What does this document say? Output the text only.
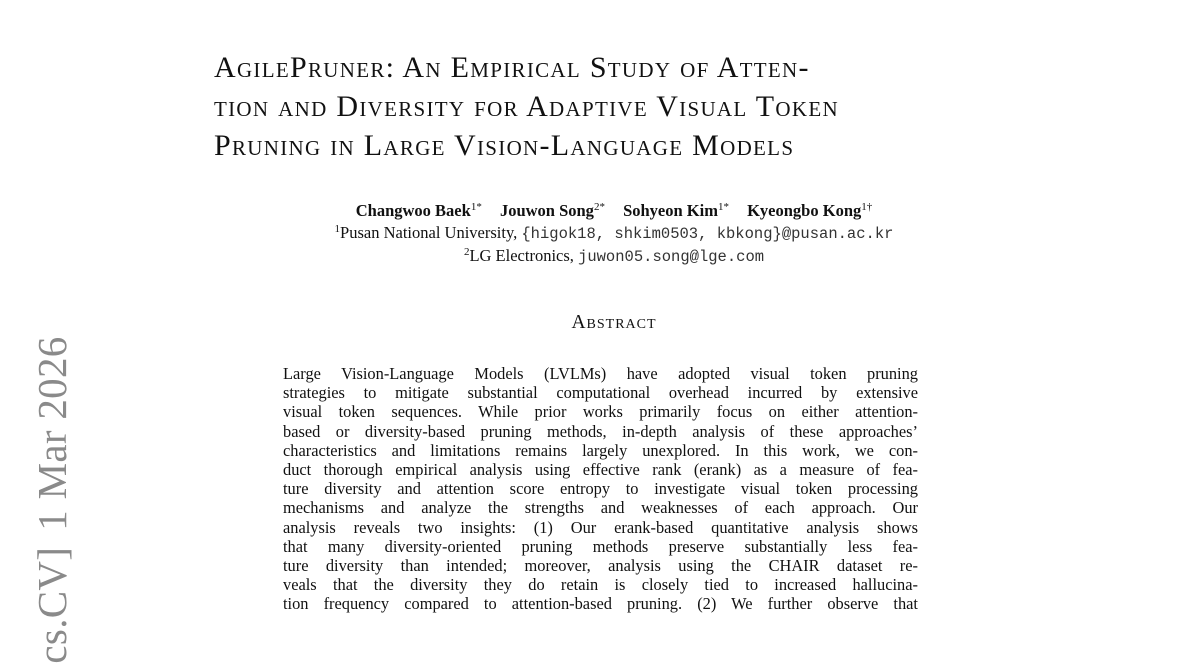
cs.CV]1 Mar 2026
AgilePruner: An Empirical Study of Atten-
tion and Diversity for Adaptive Visual Token
Pruning in Large Vision-Language Models
Changwoo Baek$^{1*}$ Jouwon Song$^{2*}$ Sohyeon Kim$^{1*}$ Kyeongbo Kong$^{1\dagger}$
$^1$Pusan National University, {higok18, shkim0503, kbkong}@pusan.ac.kr
$^2$LG Electronics, juwon05.song@lge.com
Abstract
Large Vision-Language Models (LVLMs) have adopted visual token pruning
strategies to mitigate substantial computational overhead incurred by extensive
visual token sequences. While prior works primarily focus on either attention-
based or diversity-based pruning methods, in-depth analysis of these approaches’
characteristics and limitations remains largely unexplored. In this work, we con-
duct thorough empirical analysis using effective rank (erank) as a measure of fea-
ture diversity and attention score entropy to investigate visual token processing
mechanisms and analyze the strengths and weaknesses of each approach. Our
analysis reveals two insights: (1) Our erank-based quantitative analysis shows
that many diversity-oriented pruning methods preserve substantially less fea-
ture diversity than intended; moreover, analysis using the CHAIR dataset re-
veals that the diversity they do retain is closely tied to increased hallucina-
tion frequency compared to attention-based pruning. (2) We further observe that
